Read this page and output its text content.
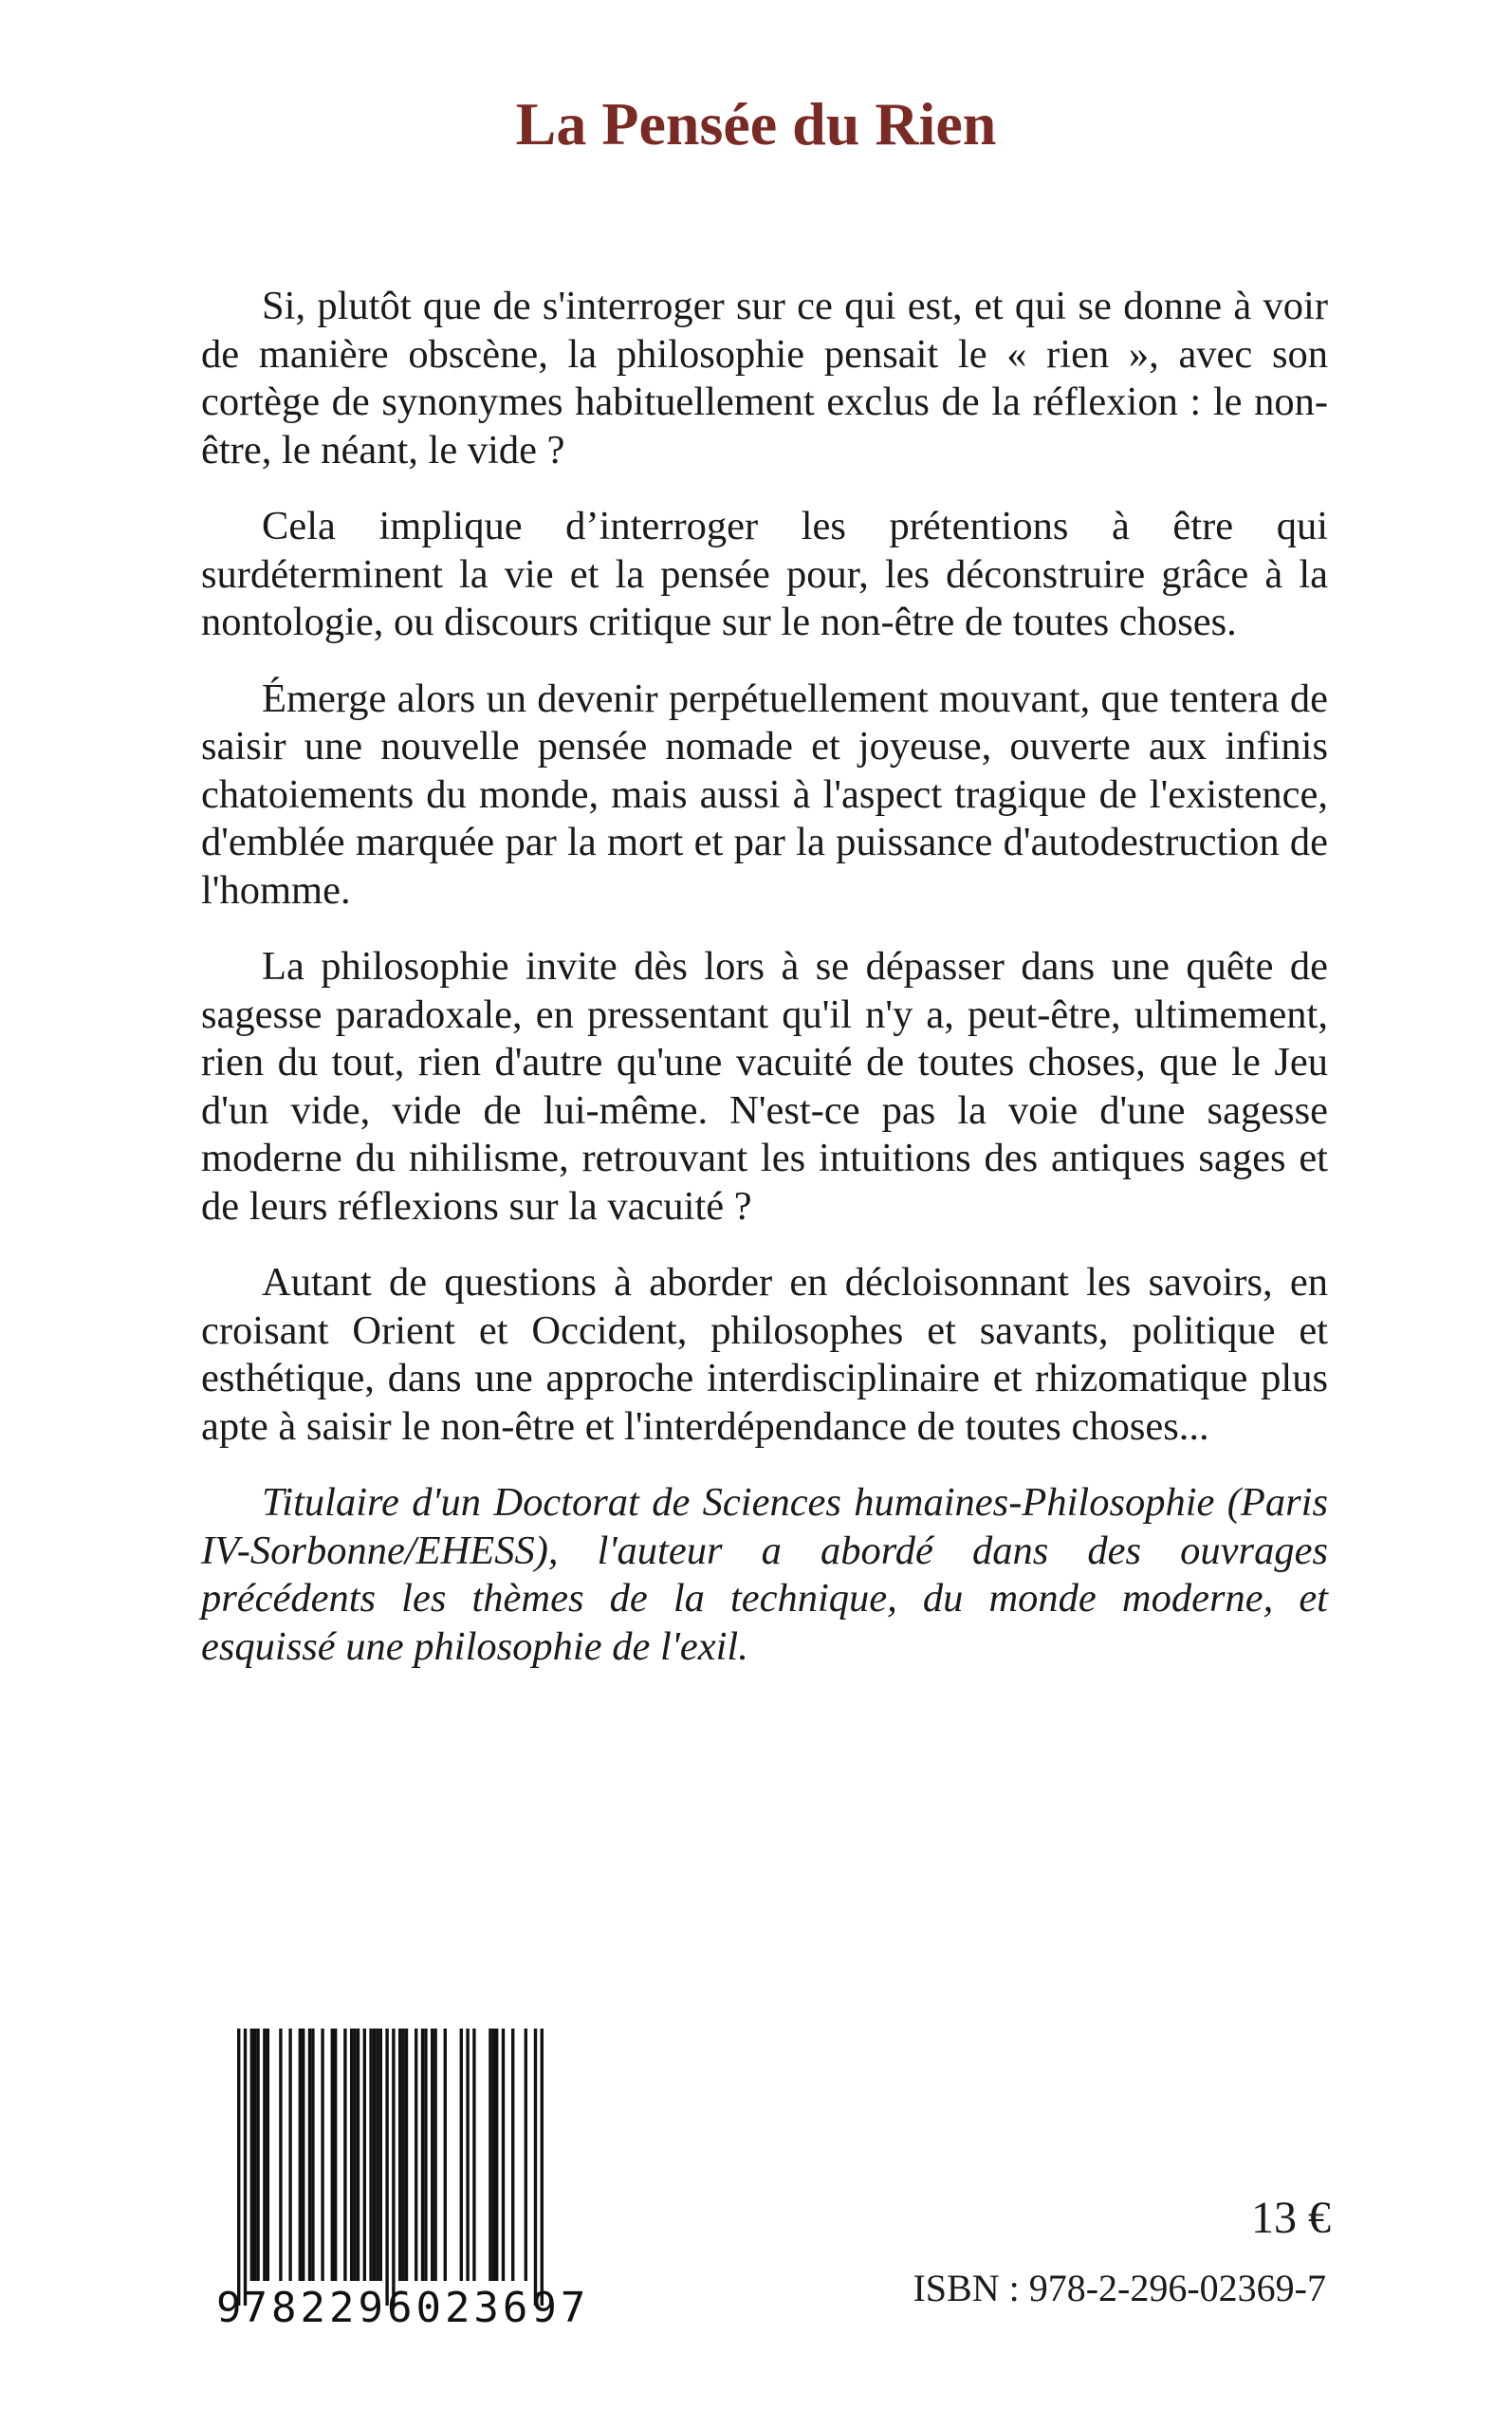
La Pensée du Rien

Si, plutôt que de s'interroger sur ce qui est, et qui se donne à voir de manière obscène, la philosophie pensait le « rien », avec son cortège de synonymes habituellement exclus de la réflexion : le non-être, le néant, le vide ?

Cela implique d’interroger les prétentions à être qui surdéterminent la vie et la pensée pour, les déconstruire grâce à la nontologie, ou discours critique sur le non-être de toutes choses.

Émerge alors un devenir perpétuellement mouvant, que tentera de saisir une nouvelle pensée nomade et joyeuse, ouverte aux infinis chatoiements du monde, mais aussi à l'aspect tragique de l'existence, d'emblée marquée par la mort et par la puissance d'autodestruction de l'homme.

La philosophie invite dès lors à se dépasser dans une quête de sagesse paradoxale, en pressentant qu'il n'y a, peut-être, ultimement, rien du tout, rien d'autre qu'une vacuité de toutes choses, que le Jeu d'un vide, vide de lui-même. N'est-ce pas la voie d'une sagesse moderne du nihilisme, retrouvant les intuitions des antiques sages et de leurs réflexions sur la vacuité ?

Autant de questions à aborder en décloisonnant les savoirs, en croisant Orient et Occident, philosophes et savants, politique et esthétique, dans une approche interdisciplinaire et rhizomatique plus apte à saisir le non-être et l'interdépendance de toutes choses...

Titulaire d'un Doctorat de Sciences humaines-Philosophie (Paris IV-Sorbonne/EHESS), l'auteur a abordé dans des ouvrages précédents les thèmes de la technique, du monde moderne, et esquissé une philosophie de l'exil.

9 782296 023697
13 €
ISBN : 978-2-296-02369-7
